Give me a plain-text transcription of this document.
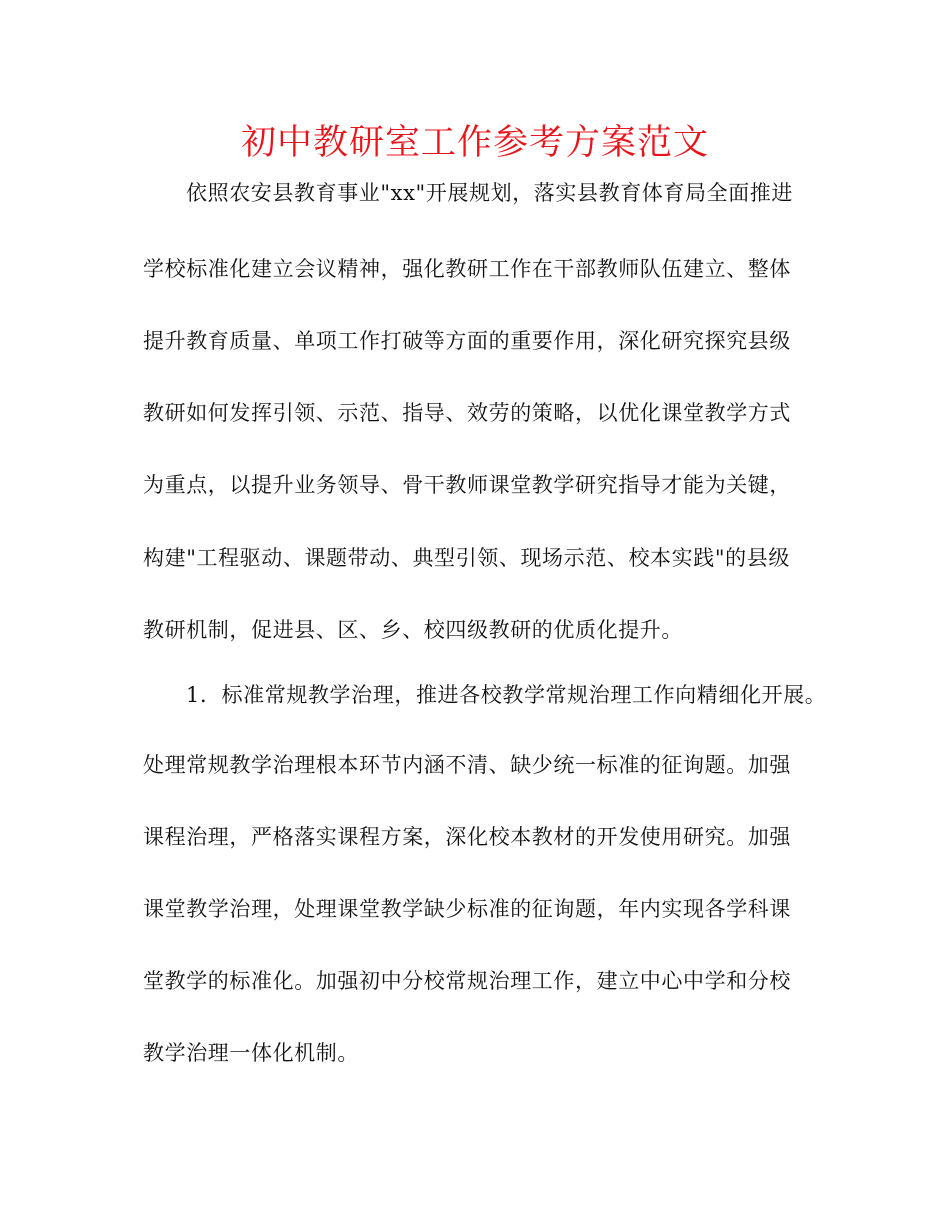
初中教研室工作参考方案范文
依照农安县教育事业"xx"开展规划，落实县教育体育局全面推进
学校标准化建立会议精神，强化教研工作在干部教师队伍建立、整体
提升教育质量、单项工作打破等方面的重要作用，深化研究探究县级
教研如何发挥引领、示范、指导、效劳的策略，以优化课堂教学方式
为重点，以提升业务领导、骨干教师课堂教学研究指导才能为关键，
构建"工程驱动、课题带动、典型引领、现场示范、校本实践"的县级
教研机制，促进县、区、乡、校四级教研的优质化提升。
1．标准常规教学治理，推进各校教学常规治理工作向精细化开展。
处理常规教学治理根本环节内涵不清、缺少统一标准的征询题。加强
课程治理，严格落实课程方案，深化校本教材的开发使用研究。加强
课堂教学治理，处理课堂教学缺少标准的征询题，年内实现各学科课
堂教学的标准化。加强初中分校常规治理工作，建立中心中学和分校
教学治理一体化机制。
